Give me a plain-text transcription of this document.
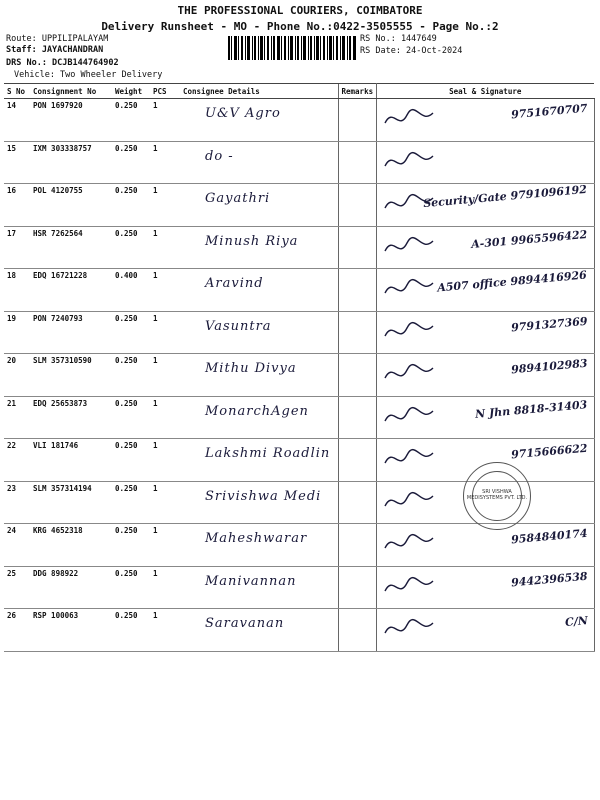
THE PROFESSIONAL COURIERS, COIMBATORE
Delivery Runsheet - MO - Phone No.:0422-3505555 - Page No.:2
Route: UPPILIPALAYAM
Staff: JAYACHANDRAN
DRS No.: DCJB144764902
Vehicle: Two Wheeler Delivery
RS No.: 1447649
RS Date: 24-Oct-2024
S No	Consignment No	Weight	PCS	Consignee Details	Remarks	Seal & Signature
14	PON 1697920	0.250	1	U&V Agro		9751670707

15	IXM 303338757	0.250	1	do -

16	POL 4120755	0.250	1	Gayathri		Security/Gate 9791096192

17	HSR 7262564	0.250	1	Minush Riya		A-301 9965596422

18	EDQ 16721228	0.400	1	Aravind		A507 office 9894416926

19	PON 7240793	0.250	1	Vasuntra		9791327369

20	SLM 357310590	0.250	1	Mithu Divya		9894102983

21	EDQ 25653873	0.250	1	MonarchAgen		N Jhn 8818-31403

22	VLI 181746	0.250	1	Lakshmi Roadlin		9715666622

23	SLM 357314194	0.250	1	Srivishwa Medi

24	KRG 4652318	0.250	1	Maheshwarar		9584840174

25	DDG 898922	0.250	1	Manivannan		9442396538

26	RSP 100063	0.250	1	Saravanan		C/N
SRI VISHWA MEDISYSTEMS PVT. LTD.
